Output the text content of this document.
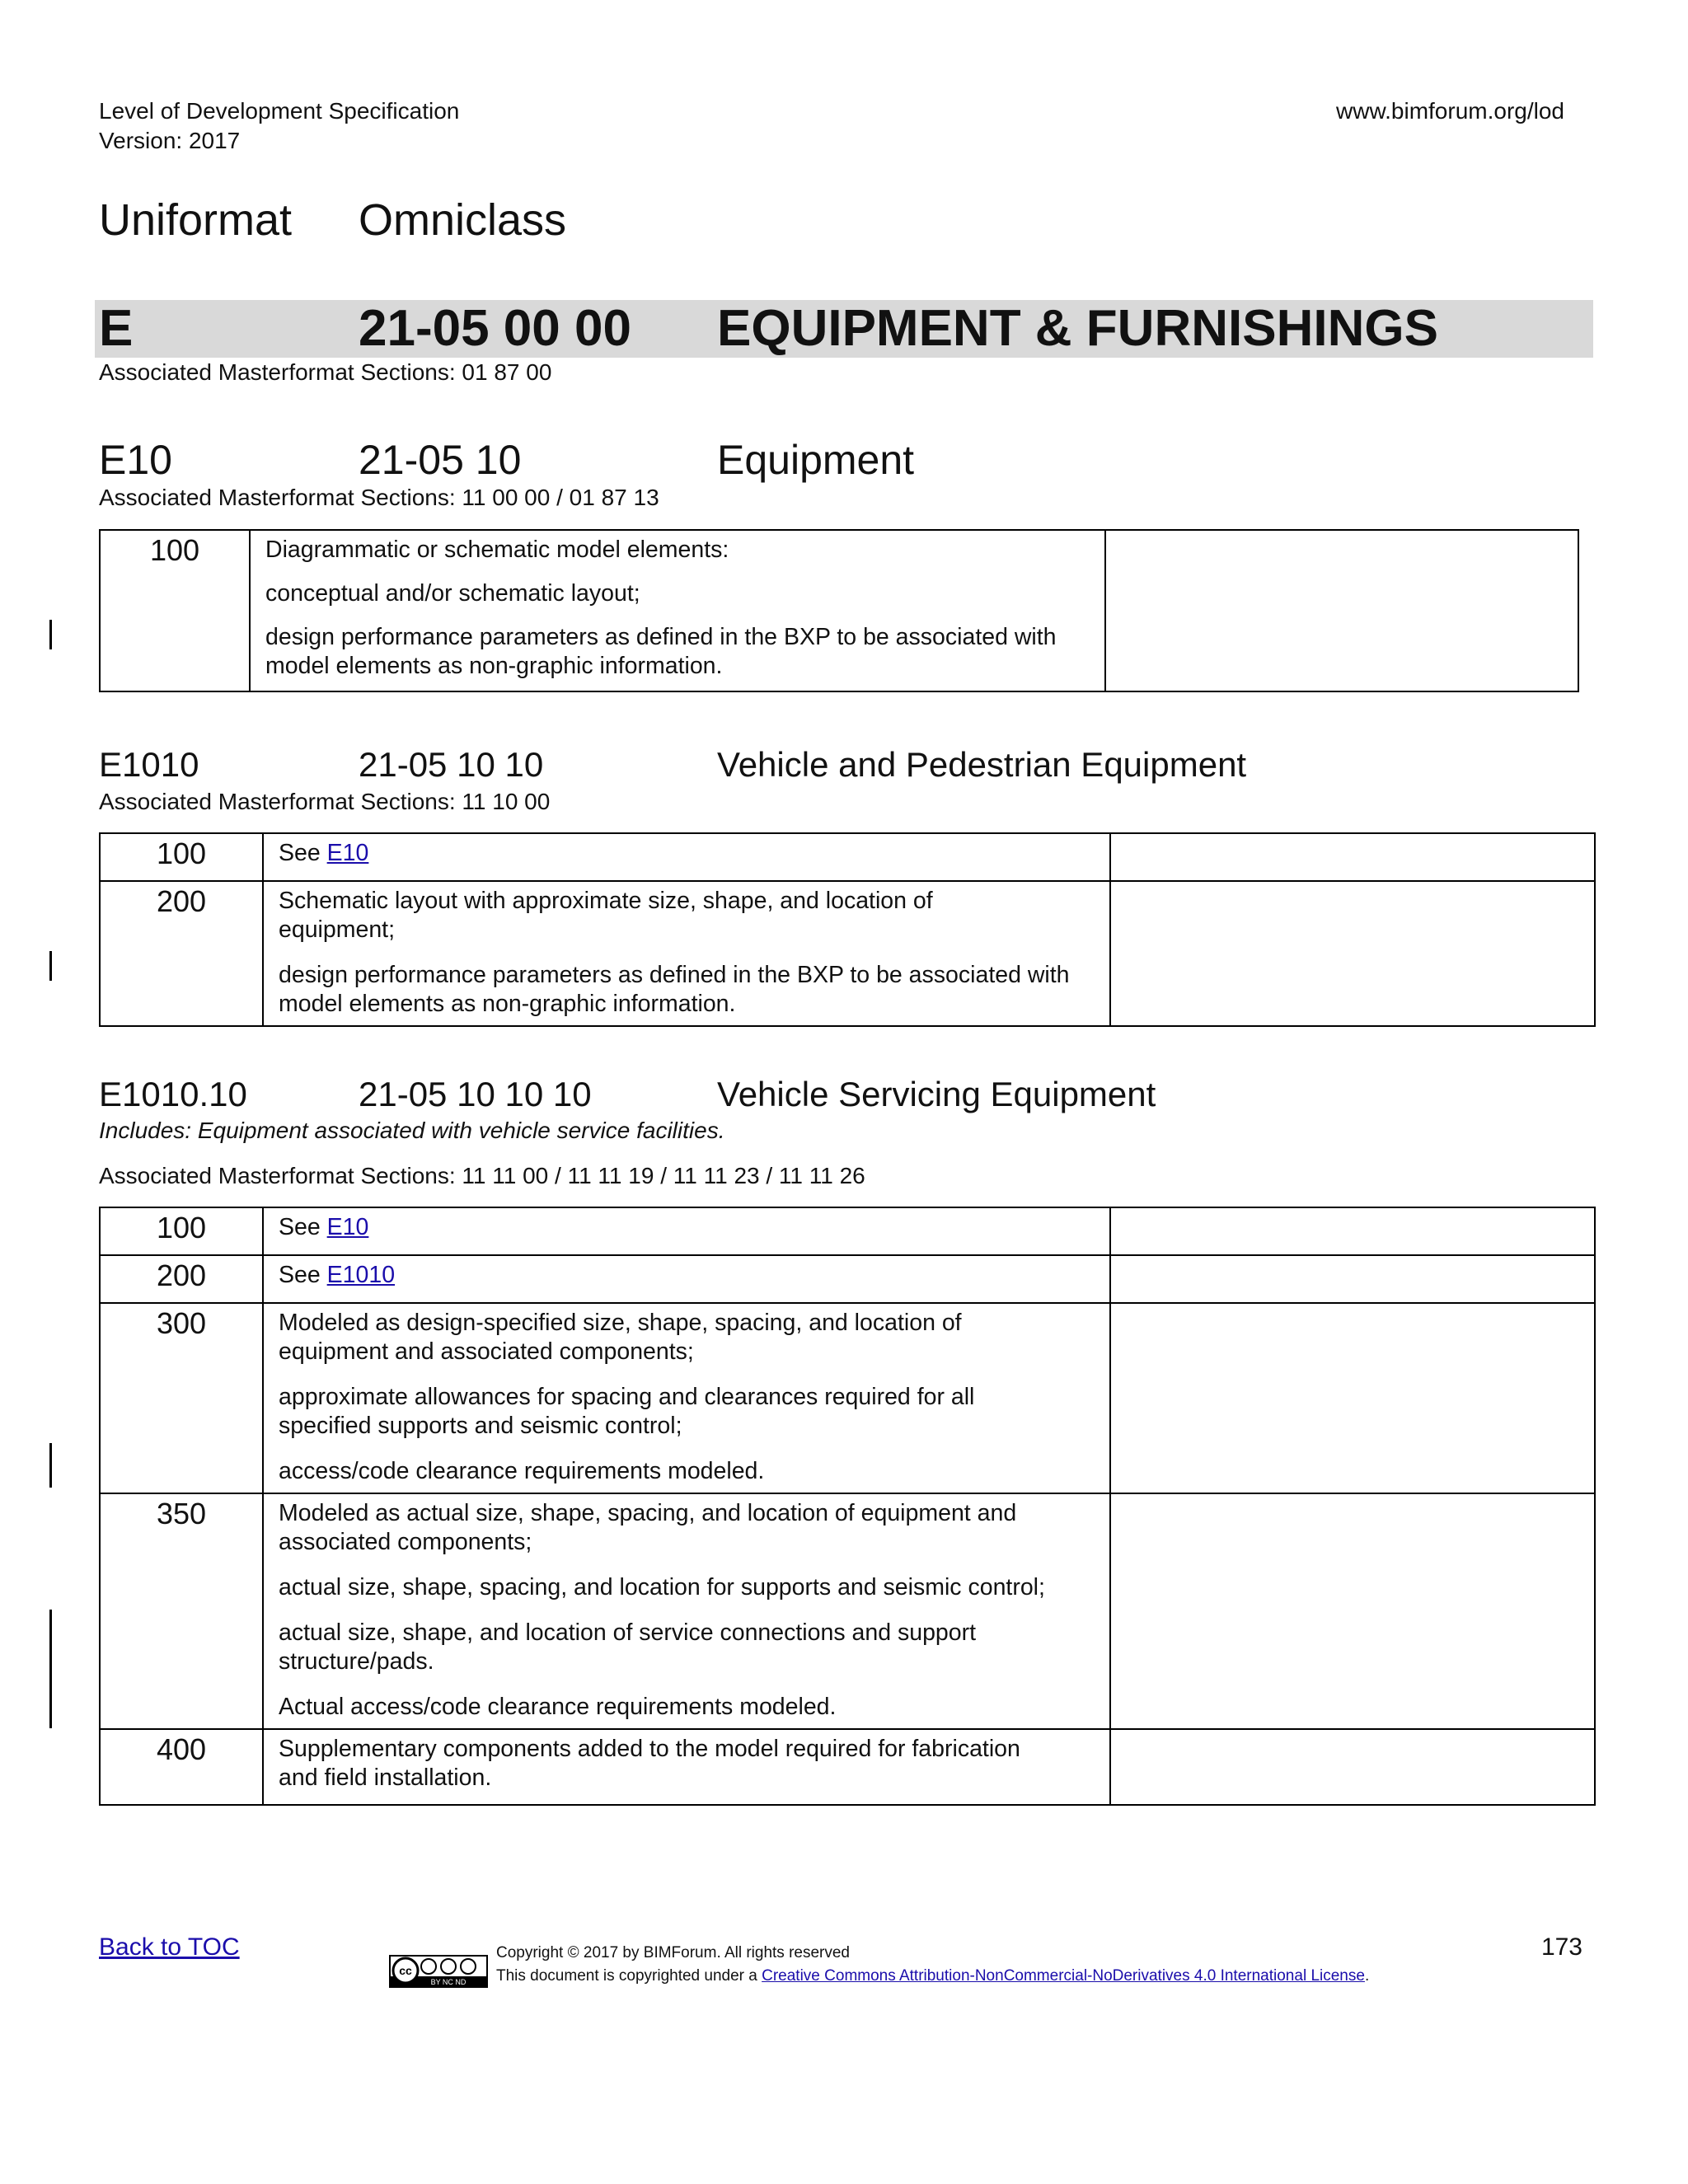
Level of Development Specification
Version: 2017
www.bimforum.org/lod
Uniformat Omniclass
E	21-05 00 00 EQUIPMENT & FURNISHINGS
Associated Masterformat Sections: 01 87 00
E10	21-05 10	Equipment
Associated Masterformat Sections: 11 00 00 / 01 87 13
100	Diagrammatic or schematic model elements:

conceptual and/or schematic layout;

design performance parameters as defined in the BXP to be associated with model elements as non-graphic information.

E1010	21-05 10 10	Vehicle and Pedestrian Equipment
Associated Masterformat Sections: 11 10 00
100	See E10	
200	Schematic layout with approximate size, shape, and location of equipment;

design performance parameters as defined in the BXP to be associated with model elements as non-graphic information.	

E1010.10	21-05 10 10 10	Vehicle Servicing Equipment
Includes: Equipment associated with vehicle service facilities.
Associated Masterformat Sections: 11 11 00 / 11 11 19 / 11 11 23 / 11 11 26
100	See E10	
200	See E1010	
300	Modeled as design-specified size, shape, spacing, and location of equipment and associated components;

approximate allowances for spacing and clearances required for all specified supports and seismic control;

access/code clearance requirements modeled.	

350	Modeled as actual size, shape, spacing, and location of equipment and associated components;

actual size, shape, spacing, and location for supports and seismic control;

actual size, shape, and location of service connections and support structure/pads.

Actual access/code clearance requirements modeled.	

400	Supplementary components added to the model required for fabrication and field installation.	

Back to TOC
cc
BY NC ND
Copyright © 2017 by BIMForum. All rights reserved
This document is copyrighted under a Creative Commons Attribution-NonCommercial-NoDerivatives 4.0 International License.
173
